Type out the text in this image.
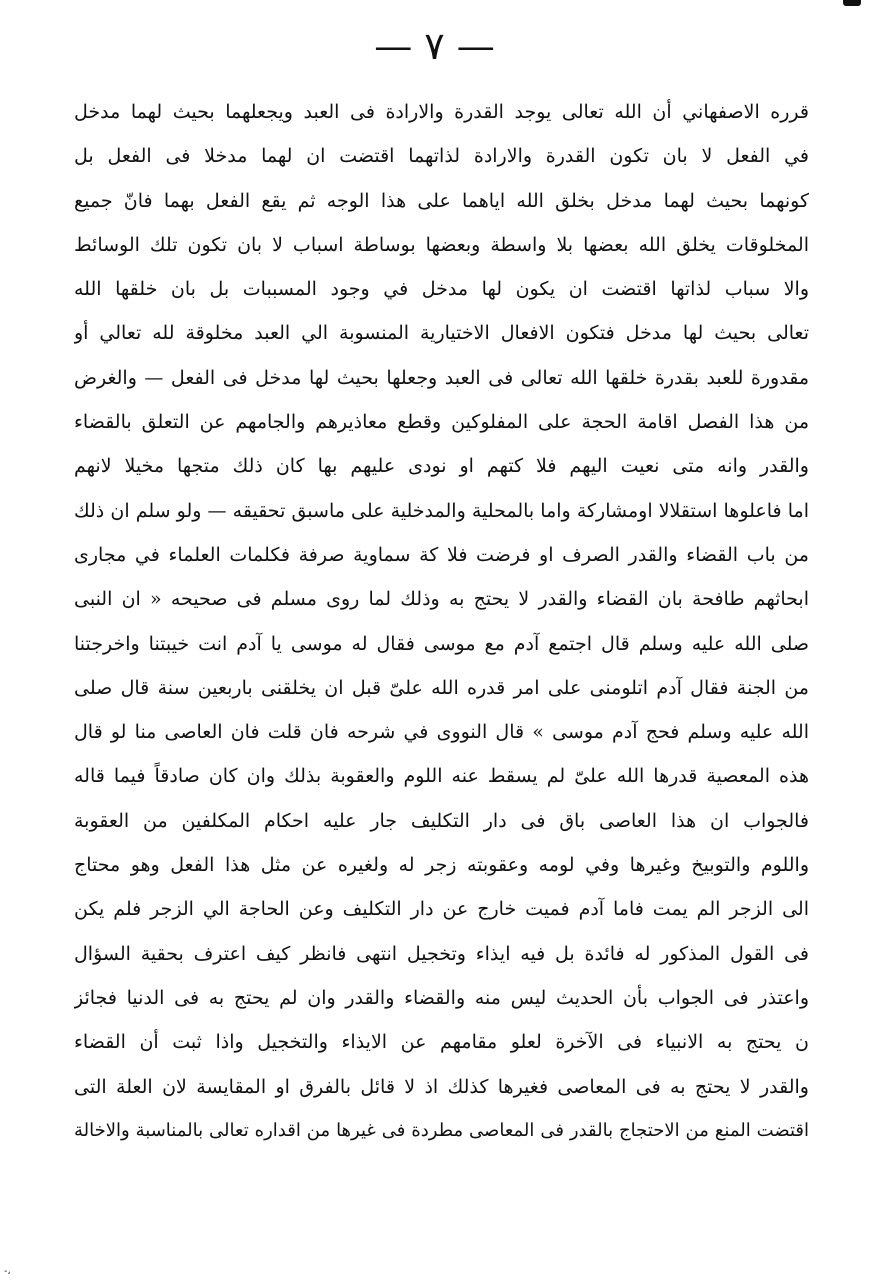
— ٧ —
قرره الاصفهاني أن الله تعالى يوجد القدرة والارادة فى العبد ويجعلهما بحيث لهما مدخل
في الفعل لا بان تكون القدرة والارادة لذاتهما اقتضت ان لهما مدخلا فى الفعل بل
كونهما بحيث لهما مدخل بخلق الله اياهما على هذا الوجه ثم يقع الفعل بهما فانّ جميع
المخلوقات يخلق الله بعضها بلا واسطة وبعضها بوساطة اسباب لا بان تكون تلك الوسائط
والا سباب لذاتها اقتضت ان يكون لها مدخل في وجود المسببات بل بان خلقها الله
تعالى بحيث لها مدخل فتكون الافعال الاختيارية المنسوبة الي العبد مخلوقة لله تعالي أو
مقدورة للعبد بقدرة خلقها الله تعالى فى العبد وجعلها بحيث لها مدخل فى الفعل — والغرض
من هذا الفصل اقامة الحجة على المفلوكين وقطع معاذيرهم والجامهم عن التعلق بالقضاء
والقدر وانه متى نعيت اليهم فلا كتهم او نودى عليهم بها كان ذلك متجها مخيلا لانهم
اما فاعلوها استقلالا اومشاركة واما بالمحلية والمدخلية على ماسبق تحقيقه — ولو سلم ان ذلك
من باب القضاء والقدر الصرف او فرضت فلا كة سماوية صرفة فكلمات العلماء في مجارى
ابحاثهم طافحة بان القضاء والقدر لا يحتج به وذلك لما روى مسلم فى صحيحه « ان النبى
صلى الله عليه وسلم قال اجتمع آدم مع موسى فقال له موسى يا آدم انت خيبتنا واخرجتنا
من الجنة فقال آدم اتلومنى على امر قدره الله علىّ قبل ان يخلقنى باربعين سنة قال صلى
الله عليه وسلم فحج آدم موسى » قال النووى في شرحه فان قلت فان العاصى منا لو قال
هذه المعصية قدرها الله علىّ لم يسقط عنه اللوم والعقوبة بذلك وان كان صادقاً فيما قاله
فالجواب ان هذا العاصى باق فى دار التكليف جار عليه احكام المكلفين من العقوبة
واللوم والتوبيخ وغيرها وفي لومه وعقوبته زجر له ولغيره عن مثل هذا الفعل وهو محتاج
الى الزجر الم يمت فاما آدم فميت خارج عن دار التكليف وعن الحاجة الي الزجر فلم يكن
فى القول المذكور له فائدة بل فيه ايذاء وتخجيل انتهى فانظر كيف اعترف بحقية السؤال
واعتذر فى الجواب بأن الحديث ليس منه والقضاء والقدر وان لم يحتج به فى الدنيا فجائز
ن يحتج به الانبياء فى الآخرة لعلو مقامهم عن الايذاء والتخجيل واذا ثبت أن القضاء
والقدر لا يحتج به فى المعاصى فغيرها كذلك اذ لا قائل بالفرق او المقايسة لان العلة التى
اقتضت المنع من الاحتجاج بالقدر فى المعاصى مطردة فى غيرها من اقداره تعالى بالمناسبة والاخالة
-،
